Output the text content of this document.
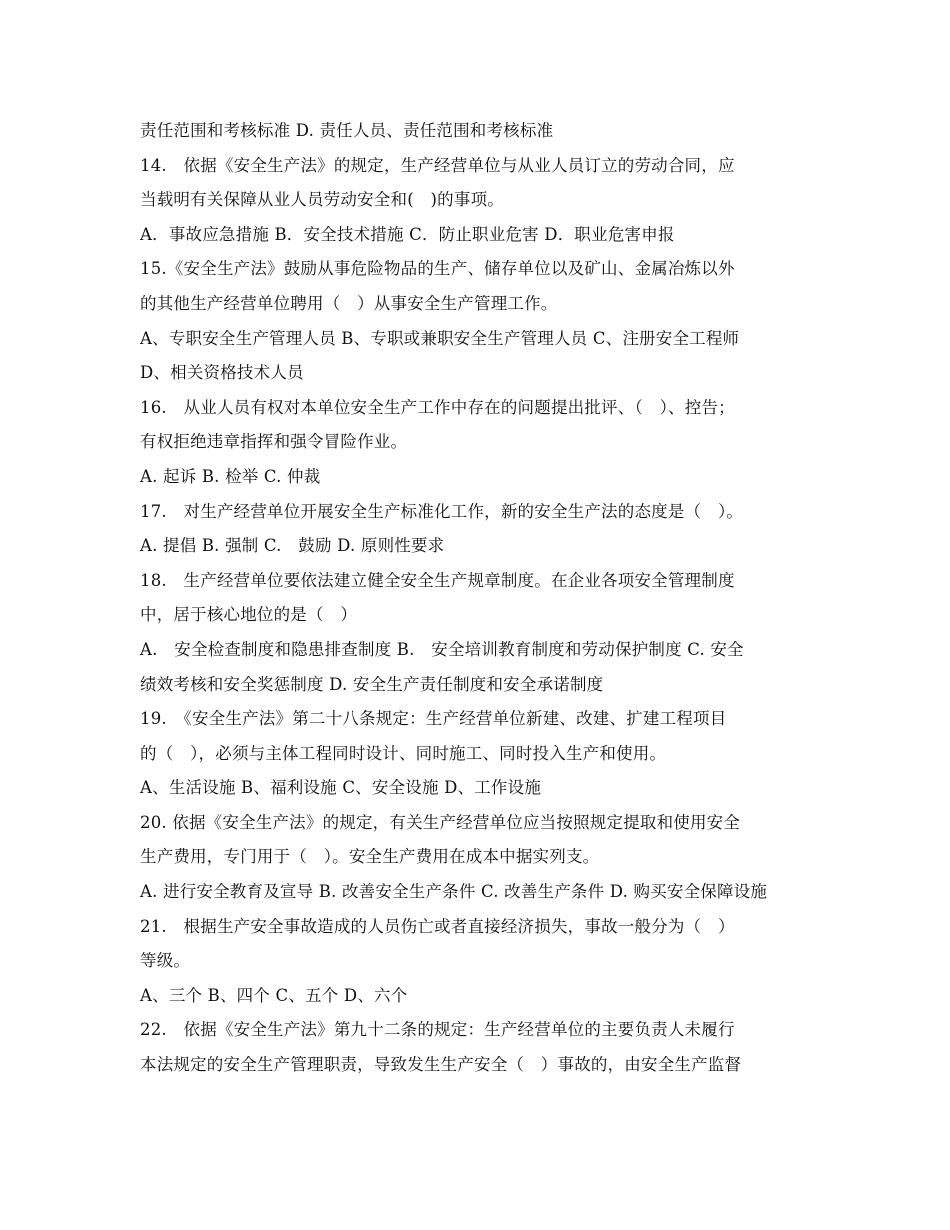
责任范围和考核标准 D. 责任人员、责任范围和考核标准
14.　依据《安全生产法》的规定，生产经营单位与从业人员订立的劳动合同，应
当载明有关保障从业人员劳动安全和(　)的事项。
A．事故应急措施 B．安全技术措施 C．防止职业危害 D．职业危害申报
15.《安全生产法》鼓励从事危险物品的生产、储存单位以及矿山、金属冶炼以外
的其他生产经营单位聘用（　）从事安全生产管理工作。
A、专职安全生产管理人员 B、专职或兼职安全生产管理人员 C、注册安全工程师
D、相关资格技术人员
16.　从业人员有权对本单位安全生产工作中存在的问题提出批评、（　）、控告；
有权拒绝违章指挥和强令冒险作业。
A. 起诉 B. 检举 C. 仲裁
17.　对生产经营单位开展安全生产标准化工作，新的安全生产法的态度是（　）。
A. 提倡 B. 强制 C.　鼓励 D. 原则性要求
18.　生产经营单位要依法建立健全安全生产规章制度。在企业各项安全管理制度
中，居于核心地位的是（　）
A.　安全检查制度和隐患排查制度 B.　安全培训教育制度和劳动保护制度 C. 安全
绩效考核和安全奖惩制度 D. 安全生产责任制度和安全承诺制度
19.　《安全生产法》第二十八条规定：生产经营单位新建、改建、扩建工程项目
的（　），必须与主体工程同时设计、同时施工、同时投入生产和使用。
A、生活设施 B、福利设施 C、安全设施 D、工作设施
20. 依据《安全生产法》的规定，有关生产经营单位应当按照规定提取和使用安全
生产费用，专门用于（　）。安全生产费用在成本中据实列支。
A. 进行安全教育及宣导 B. 改善安全生产条件 C. 改善生产条件 D. 购买安全保障设施
21.　根据生产安全事故造成的人员伤亡或者直接经济损失，事故一般分为（　）
等级。
A、三个 B、四个 C、五个 D、六个
22.　依据《安全生产法》第九十二条的规定：生产经营单位的主要负责人未履行
本法规定的安全生产管理职责，导致发生生产安全（　）事故的，由安全生产监督
